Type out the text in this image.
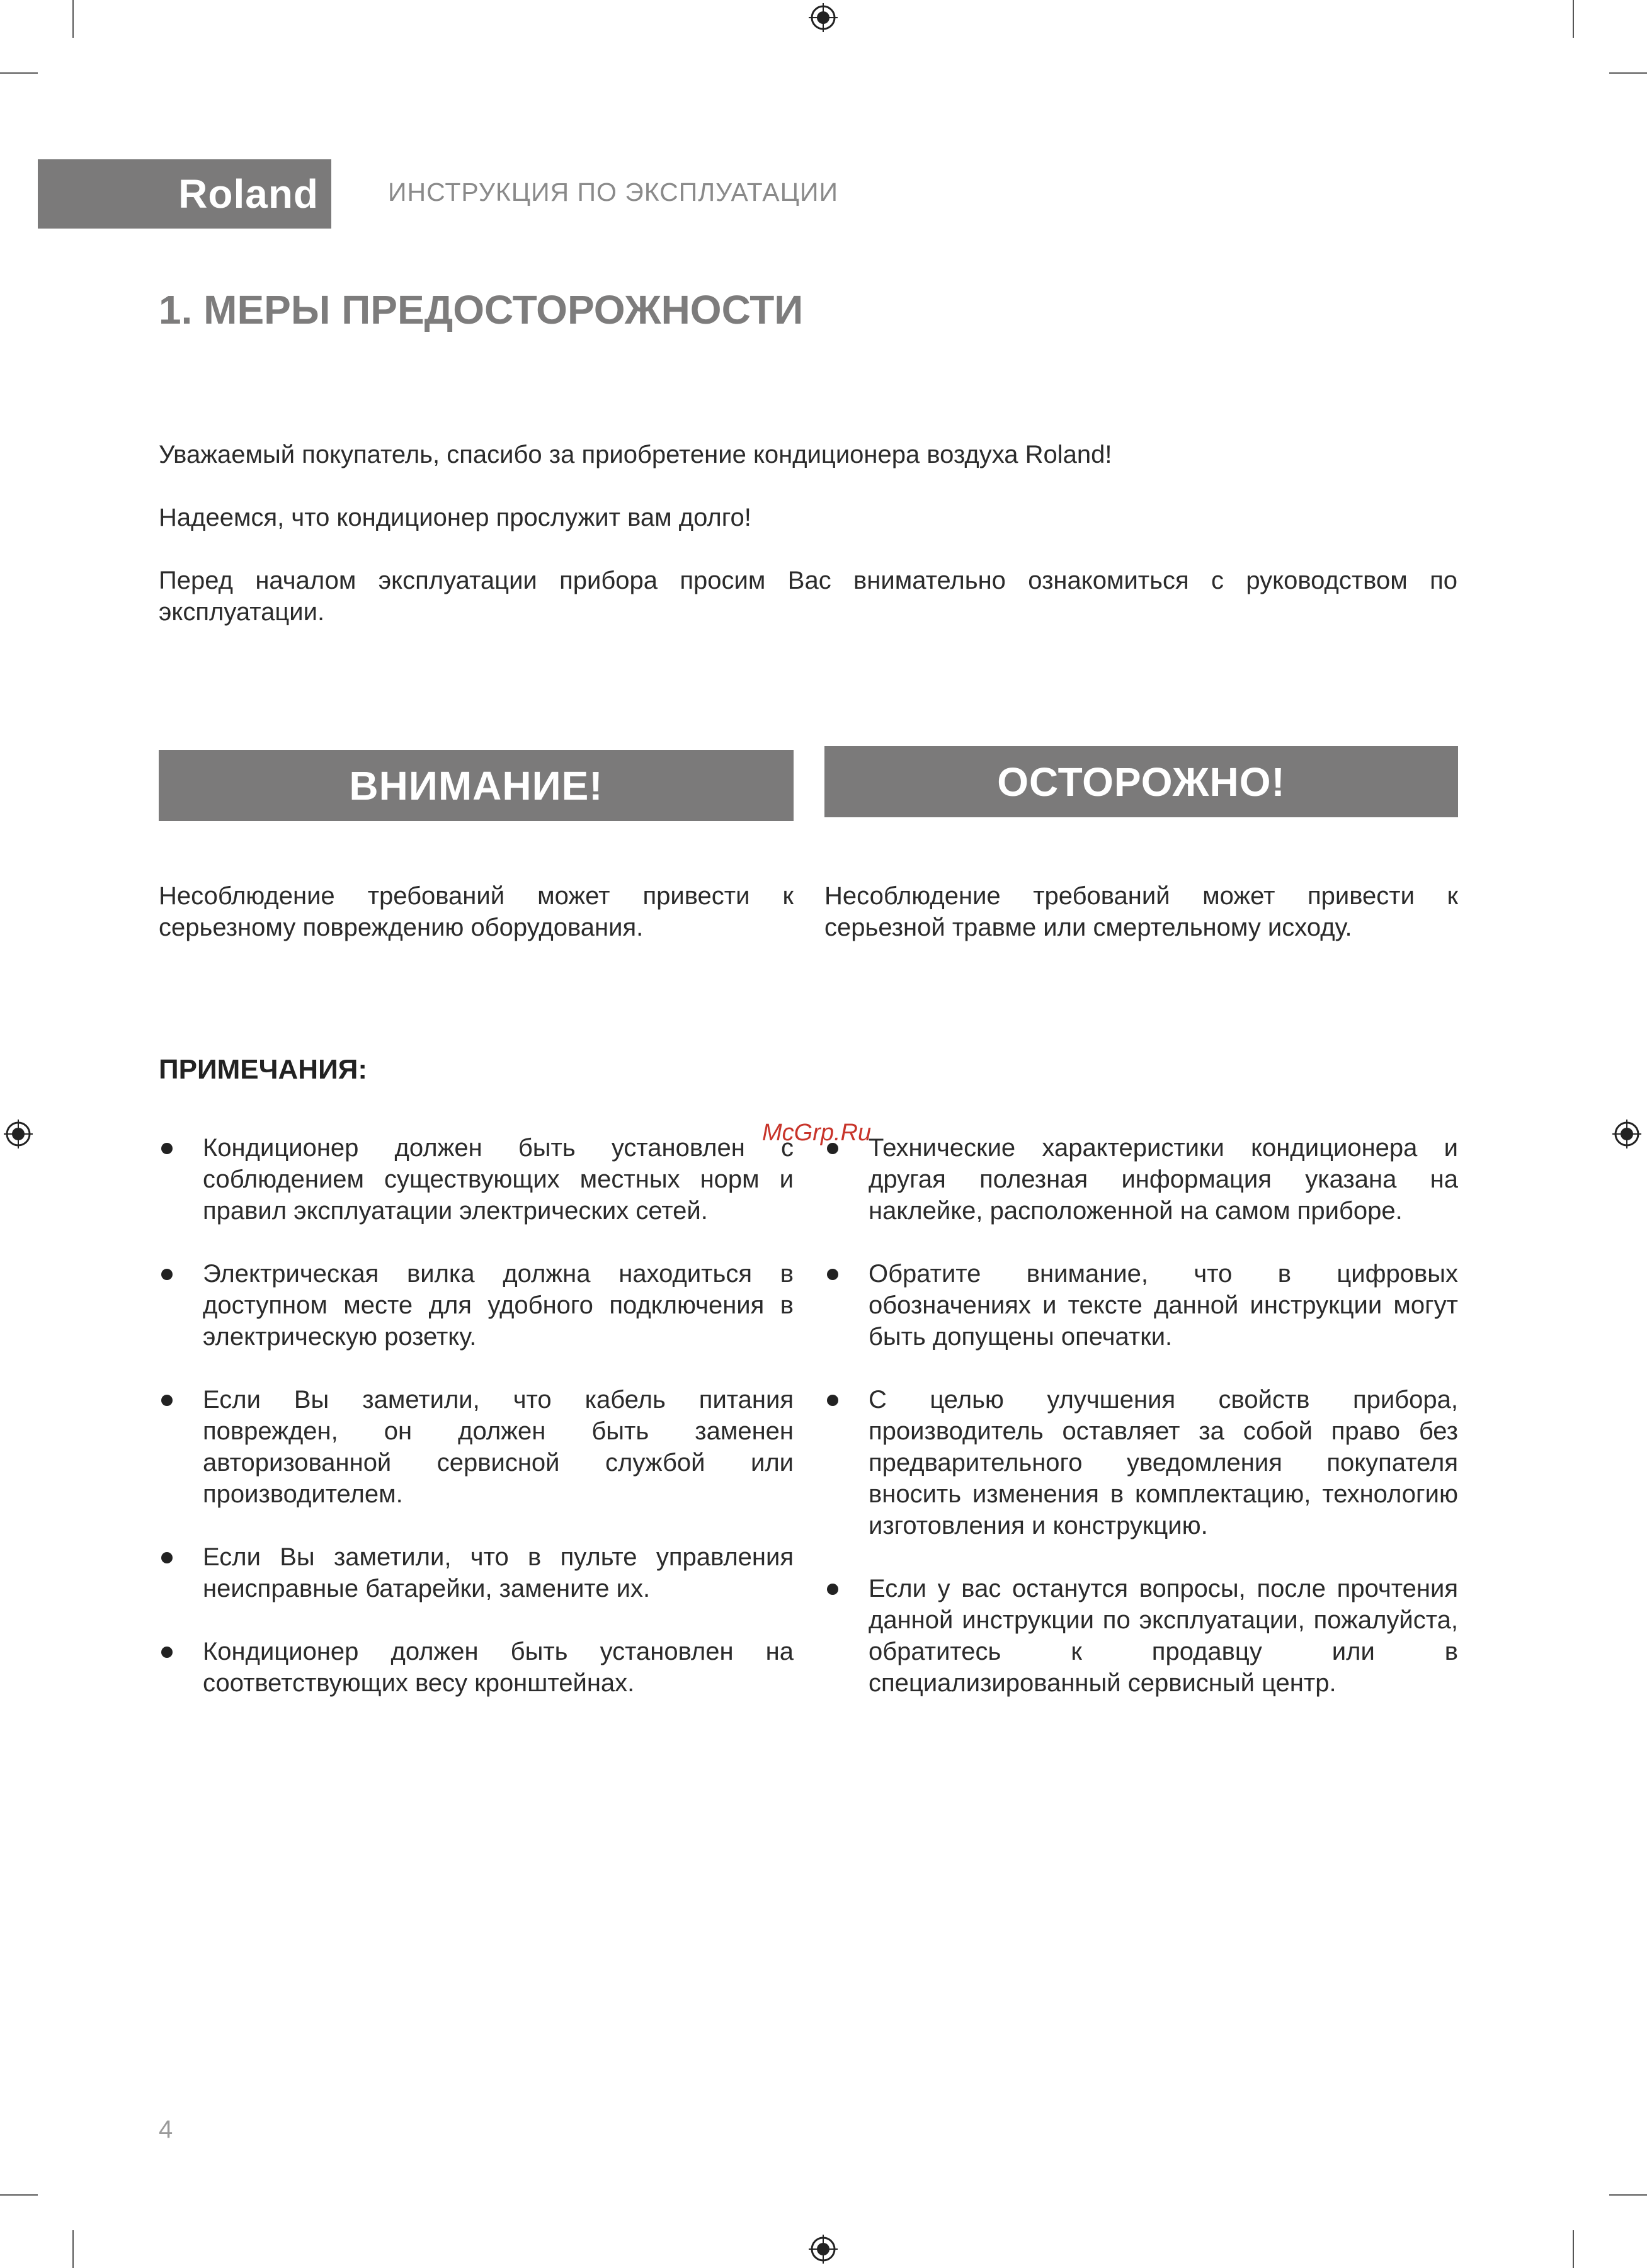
Roland	ИНСТРУКЦИЯ ПО ЭКСПЛУАТАЦИИ
1. МЕРЫ ПРЕДОСТОРОЖНОСТИ
Уважаемый покупатель, спасибо за приобретение кондиционера воздуха Roland!
Надеемся, что кондиционер прослужит вам долго!
Перед началом эксплуатации прибора просим Вас внимательно ознакомиться с руководством по эксплуатации.
ВНИМАНИЕ!	ОСТОРОЖНО!
Несоблюдение требований может привести к серьезному повреждению оборудования.
Несоблюдение требований может привести к серьезной травме или смертельному исходу.
ПРИМЕЧАНИЯ:
Кондиционер должен быть установлен с соблюдением существующих местных норм и правил эксплуатации электрических сетей.
Электрическая вилка должна находиться в доступном месте для удобного подключения в электрическую розетку.
Если Вы заметили, что кабель питания поврежден, он должен быть заменен авторизованной сервисной службой или производителем.
Если Вы заметили, что в пульте управления неисправные батарейки, замените их.
Кондиционер должен быть установлен на соответствующих весу кронштейнах.
Технические характеристики кондиционера и другая полезная информация указана на наклейке, расположенной на самом приборе.
Обратите внимание, что в цифровых обозначениях и тексте данной инструкции могут быть допущены опечатки.
С целью улучшения свойств прибора, производитель оставляет за собой право без предварительного уведомления покупателя вносить изменения в комплектацию, технологию изготовления и конструкцию.
Если у вас останутся вопросы, после прочтения данной инструкции по эксплуатации, пожалуйста, обратитесь к продавцу или в специализированный сервисный центр.
McGrp.Ru
4
